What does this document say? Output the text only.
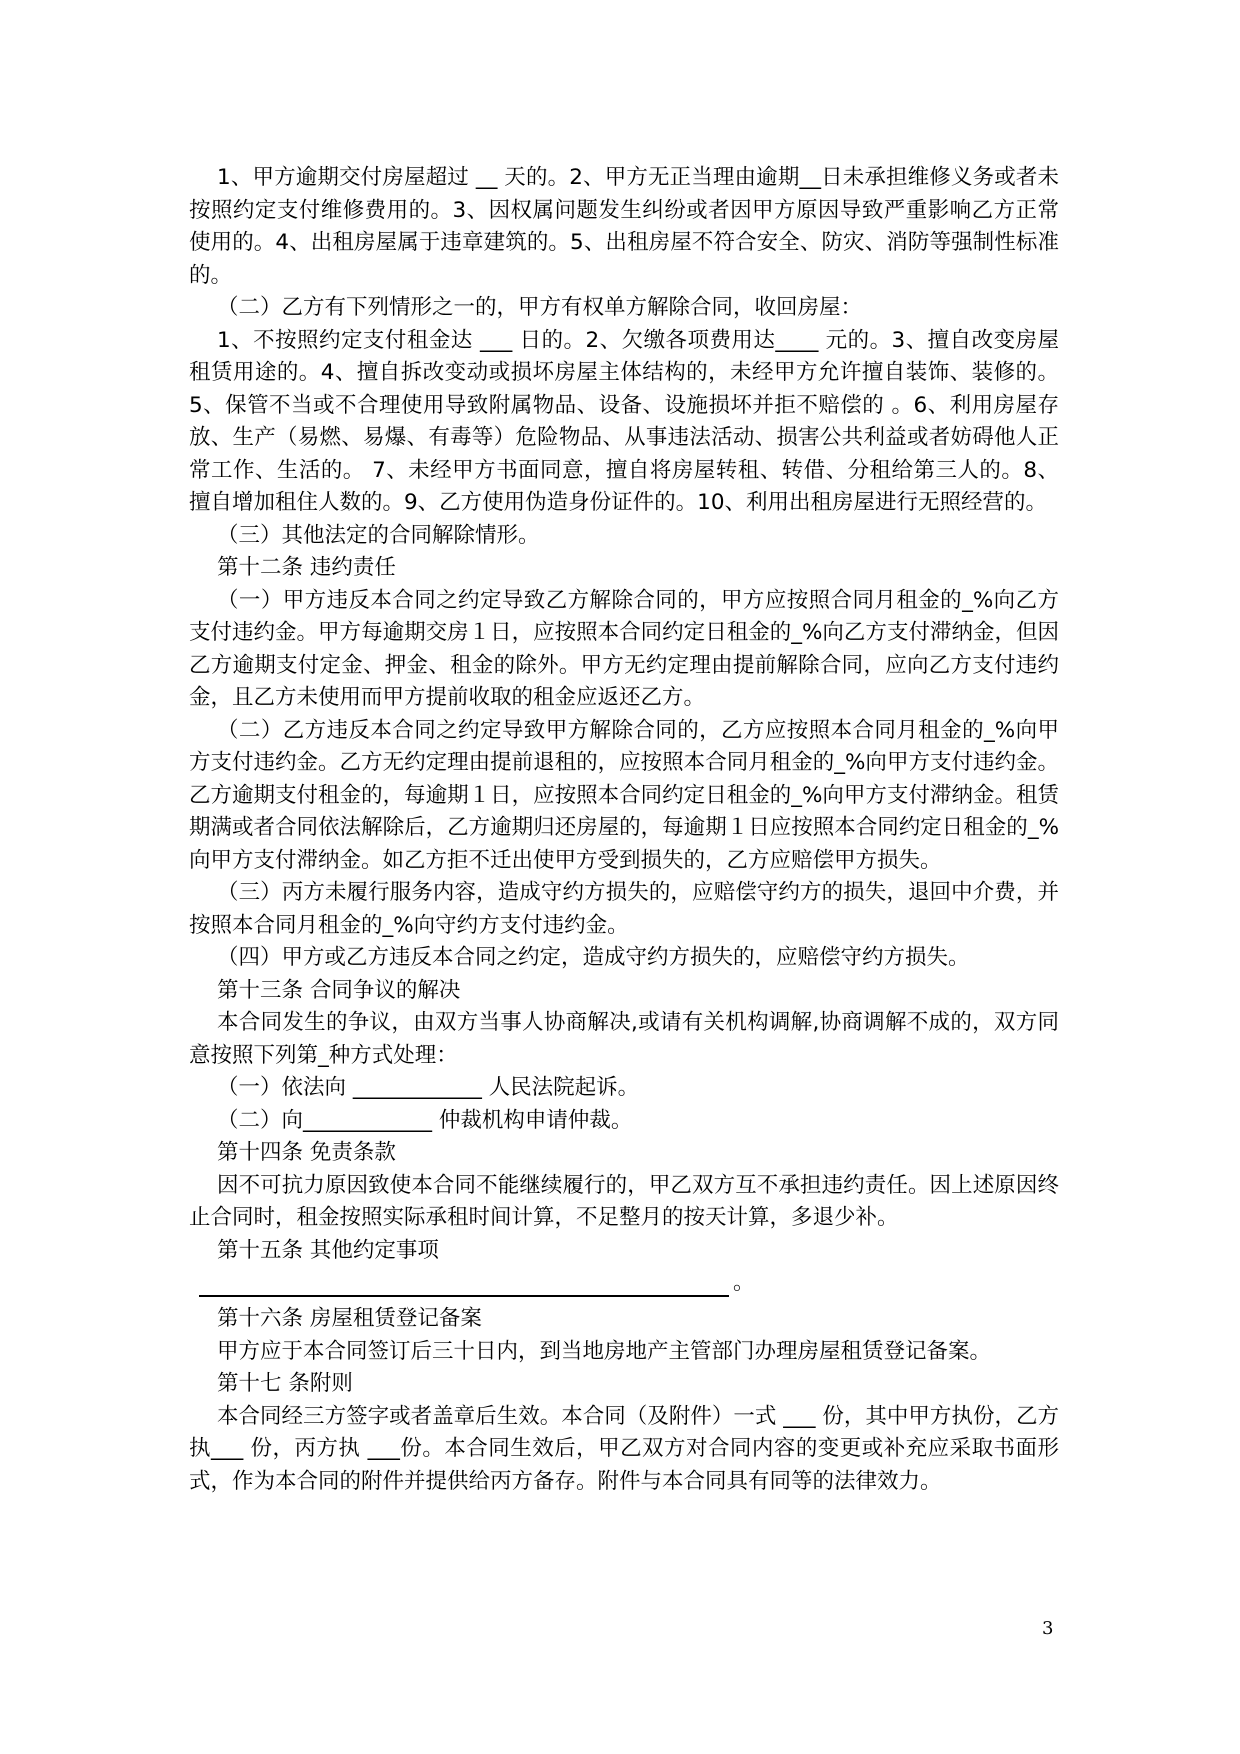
1、甲方逾期交付房屋超过 __ 天的。2、甲方无正当理由逾期__日未承担维修义务或者未按照约定支付维修费用的。3、因权属问题发生纠纷或者因甲方原因导致严重影响乙方正常使用的。4、出租房屋属于违章建筑的。5、出租房屋不符合安全、防灾、消防等强制性标准的。

（二）乙方有下列情形之一的，甲方有权单方解除合同，收回房屋：

1、不按照约定支付租金达 ___ 日的。2、欠缴各项费用达____ 元的。3、擅自改变房屋租赁用途的。4、擅自拆改变动或损坏房屋主体结构的，未经甲方允许擅自装饰、装修的。5、保管不当或不合理使用导致附属物品、设备、设施损坏并拒不赔偿的 。6、利用房屋存放、生产（易燃、易爆、有毒等）危险物品、从事违法活动、损害公共利益或者妨碍他人正常工作、生活的。 7、未经甲方书面同意，擅自将房屋转租、转借、分租给第三人的。8、擅自增加租住人数的。9、乙方使用伪造身份证件的。10、利用出租房屋进行无照经营的。

（三）其他法定的合同解除情形。

第十二条 违约责任

（一）甲方违反本合同之约定导致乙方解除合同的，甲方应按照合同月租金的_%向乙方支付违约金。甲方每逾期交房１日，应按照本合同约定日租金的_%向乙方支付滞纳金，但因乙方逾期支付定金、押金、租金的除外。甲方无约定理由提前解除合同，应向乙方支付违约金，且乙方未使用而甲方提前收取的租金应返还乙方。

（二）乙方违反本合同之约定导致甲方解除合同的，乙方应按照本合同月租金的_%向甲方支付违约金。乙方无约定理由提前退租的，应按照本合同月租金的_%向甲方支付违约金。乙方逾期支付租金的，每逾期１日，应按照本合同约定日租金的_%向甲方支付滞纳金。租赁期满或者合同依法解除后，乙方逾期归还房屋的，每逾期１日应按照本合同约定日租金的_%向甲方支付滞纳金。如乙方拒不迁出使甲方受到损失的，乙方应赔偿甲方损失。

（三）丙方未履行服务内容，造成守约方损失的，应赔偿守约方的损失，退回中介费，并按照本合同月租金的_%向守约方支付违约金。

（四）甲方或乙方违反本合同之约定，造成守约方损失的，应赔偿守约方损失。

第十三条 合同争议的解决

本合同发生的争议，由双方当事人协商解决,或请有关机构调解,协商调解不成的，双方同意按照下列第_种方式处理：

（一）依法向 ____________ 人民法院起诉。

（二）向____________ 仲裁机构申请仲裁。

第十四条 免责条款

因不可抗力原因致使本合同不能继续履行的，甲乙双方互不承担违约责任。因上述原因终止合同时，租金按照实际承租时间计算，不足整月的按天计算，多退少补。

第十五条 其他约定事项

。

第十六条 房屋租赁登记备案

甲方应于本合同签订后三十日内，到当地房地产主管部门办理房屋租赁登记备案。

第十七 条附则

本合同经三方签字或者盖章后生效。本合同（及附件）一式 ___ 份，其中甲方执份，乙方执___ 份，丙方执 ___份。本合同生效后，甲乙双方对合同内容的变更或补充应采取书面形式，作为本合同的附件并提供给丙方备存。附件与本合同具有同等的法律效力。

3
